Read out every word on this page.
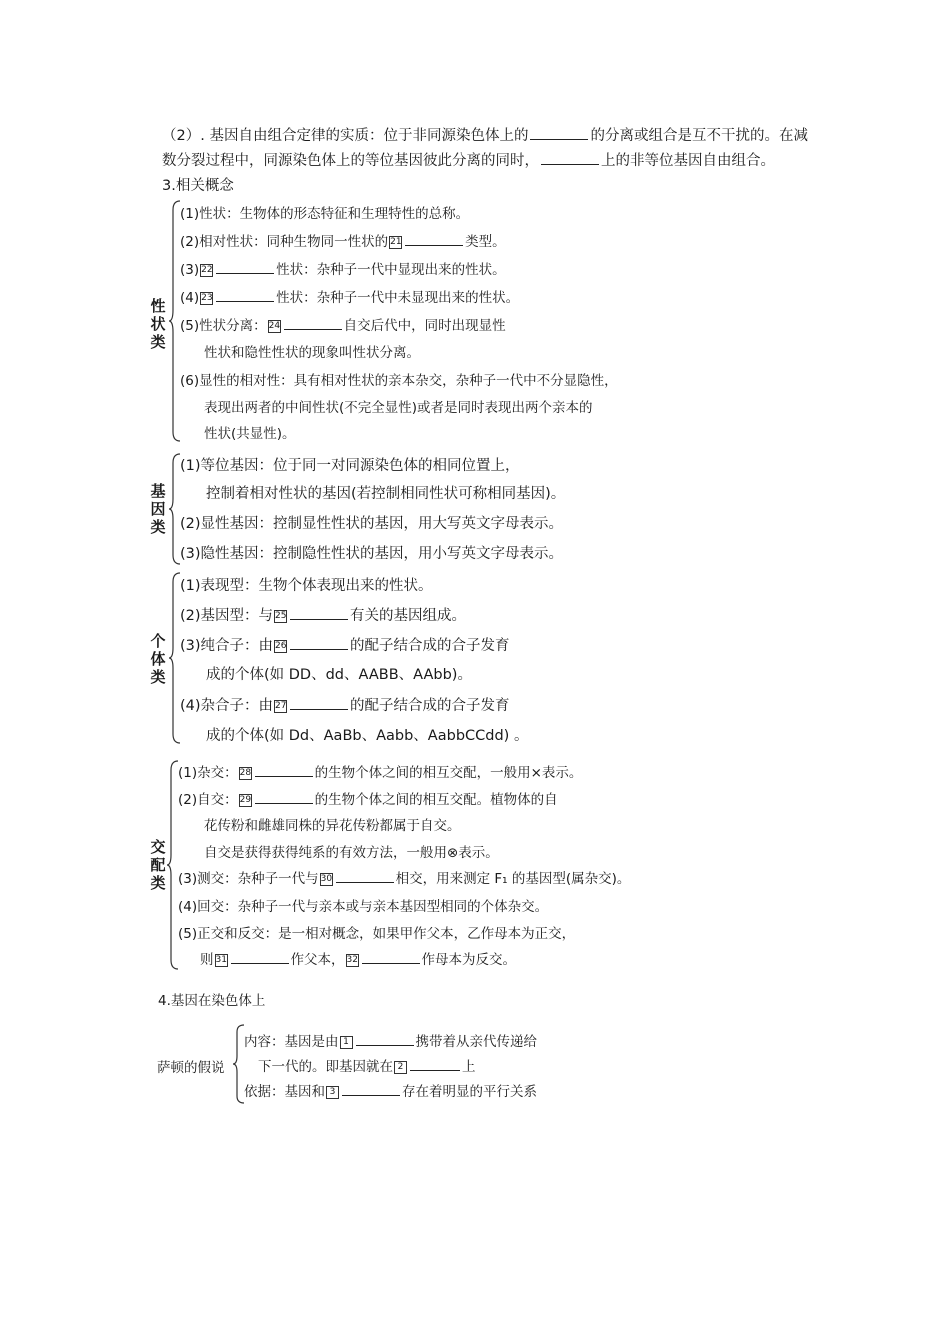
（2）. 基因自由组合定律的实质：位于非同源染色体上的	的分离或组合是互不干扰的。在减
数分裂过程中，同源染色体上的等位基因彼此分离的同时，	上的非等位基因自由组合。
3.相关概念
性状类
(1)性状：生物体的形态特征和生理特性的总称。
(2)相对性状：同种生物同一性状的 21	类型。
(3) 22	性状：杂种子一代中显现出来的性状。
(4) 23	性状：杂种子一代中未显现出来的性状。
(5)性状分离： 24	自交后代中，同时出现显性
性状和隐性性状的现象叫性状分离。
(6)显性的相对性：具有相对性状的亲本杂交，杂种子一代中不分显隐性，
表现出两者的中间性状(不完全显性)或者是同时表现出两个亲本的
性状(共显性)。
基因类
(1)等位基因：位于同一对同源染色体的相同位置上，
控制着相对性状的基因(若控制相同性状可称相同基因)。
(2)显性基因：控制显性性状的基因，用大写英文字母表示。
(3)隐性基因：控制隐性性状的基因，用小写英文字母表示。
个体类
(1)表现型：生物个体表现出来的性状。
(2)基因型：与 25	有关的基因组成。
(3)纯合子：由 26	的配子结合成的合子发育
成的个体(如 DD、dd、AABB、AAbb)。
(4)杂合子：由 27	的配子结合成的合子发育
成的个体(如 Dd、AaBb、Aabb、AabbCCdd) 。
交配类
(1)杂交： 28	的生物个体之间的相互交配，一般用×表示。
(2)自交： 29	的生物个体之间的相互交配。植物体的自
花传粉和雌雄同株的异花传粉都属于自交。
自交是获得获得纯系的有效方法，一般用⊗表示。
(3)测交：杂种子一代与 30	相交，用来测定 F₁ 的基因型(属杂交)。
(4)回交：杂种子一代与亲本或与亲本基因型相同的个体杂交。
(5)正交和反交：是一相对概念，如果甲作父本，乙作母本为正交，
则 31	作父本， 32	作母本为反交。
4.基因在染色体上
萨顿的假说
内容：基因是由 1	携带着从亲代传递给
下一代的。即基因就在 2	上
依据：基因和 3	存在着明显的平行关系
